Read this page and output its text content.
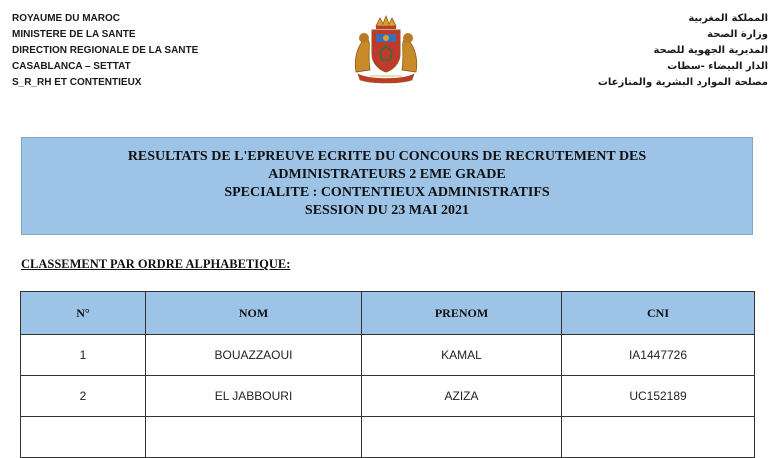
ROYAUME DU MAROC
MINISTERE DE LA SANTE
DIRECTION REGIONALE DE LA SANTE
CASABLANCA – SETTAT
S_R_RH ET CONTENTIEUX
المملكة المغربية
وزارة الصحة
المديرية الجهوية للصحة
الدار البيضاء -سطات
مصلحة الموارد البشرية والمنازعات
RESULTATS DE L'EPREUVE ECRITE DU CONCOURS DE RECRUTEMENT DES
ADMINISTRATEURS 2 EME GRADE
SPECIALITE : CONTENTIEUX ADMINISTRATIFS
SESSION DU 23 MAI 2021
CLASSEMENT PAR ORDRE ALPHABETIQUE:
N°	NOM	PRENOM	CNI
1	BOUAZZAOUI	KAMAL	IA1447726
2	EL JABBOURI	AZIZA	UC152189
